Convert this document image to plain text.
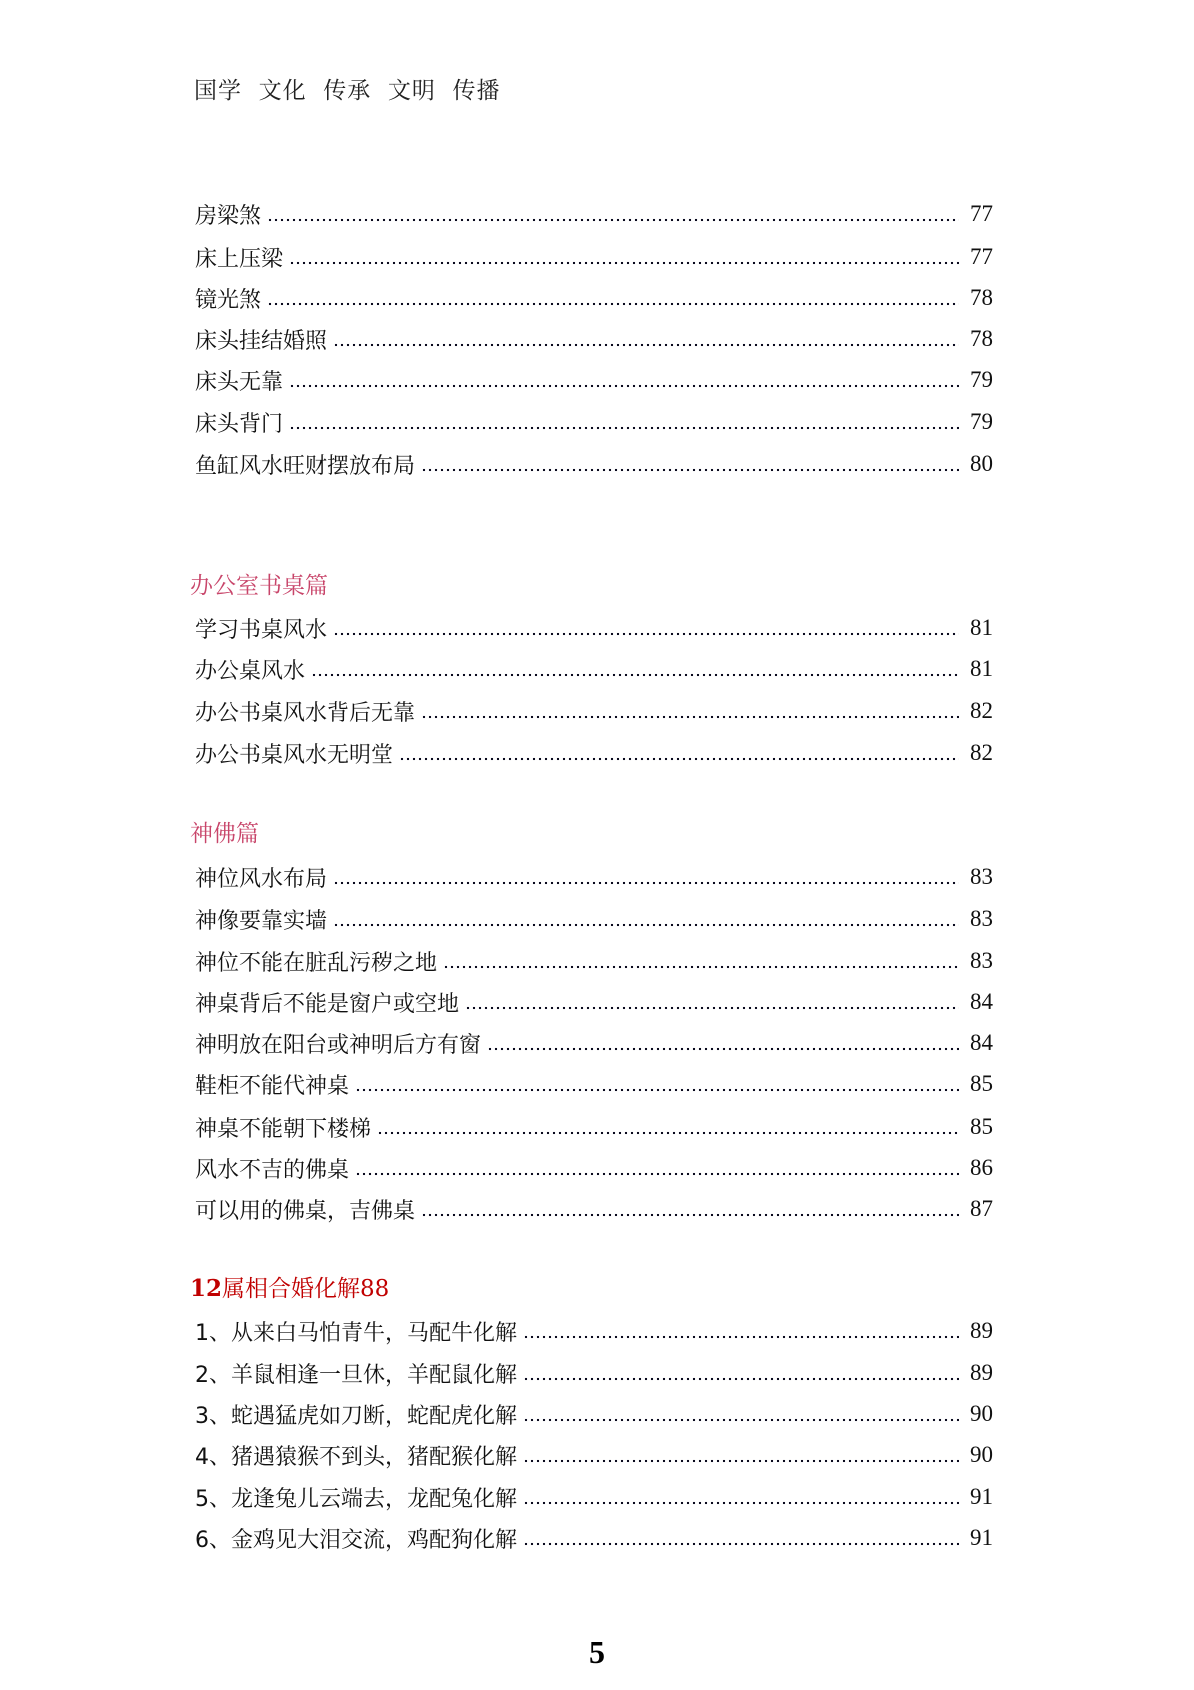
国学  文化  传承  文明  传播
房梁煞	77
床上压梁	77
镜光煞	78
床头挂结婚照	78
床头无靠	79
床头背门	79
鱼缸风水旺财摆放布局	80
办公室书桌篇
学习书桌风水	81
办公桌风水	81
办公书桌风水背后无靠	82
办公书桌风水无明堂	82
神佛篇
神位风水布局	83
神像要靠实墙	83
神位不能在脏乱污秽之地	83
神桌背后不能是窗户或空地	84
神明放在阳台或神明后方有窗	84
鞋柜不能代神桌	85
神桌不能朝下楼梯	85
风水不吉的佛桌	86
可以用的佛桌，吉佛桌	87
12属相合婚化解88
1、从来白马怕青牛，马配牛化解	89
2、羊鼠相逢一旦休，羊配鼠化解	89
3、蛇遇猛虎如刀断，蛇配虎化解	90
4、猪遇猿猴不到头，猪配猴化解	90
5、龙逢兔儿云端去，龙配兔化解	91
6、金鸡见大泪交流，鸡配狗化解	91
5
